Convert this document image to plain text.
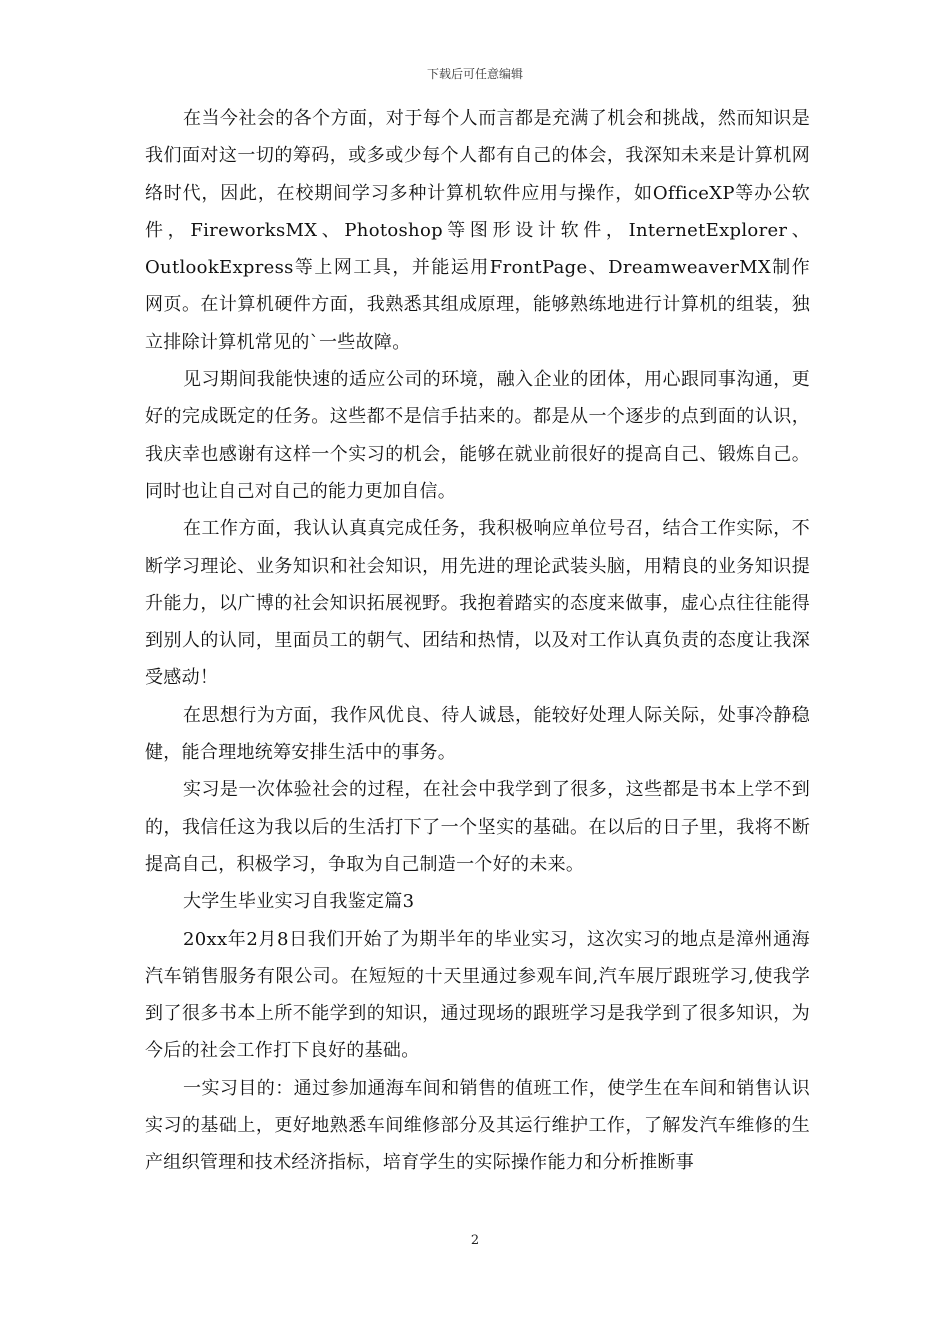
下载后可任意编辑

在当今社会的各个方面，对于每个人而言都是充满了机会和挑战，然而知识是我们面对这一切的筹码，或多或少每个人都有自己的体会，我深知未来是计算机网络时代，因此，在校期间学习多种计算机软件应用与操作，如OfficeXP等办公软件，FireworksMX、Photoshop等图形设计软件，InternetExplorer、OutlookExpress等上网工具，并能运用FrontPage、DreamweaverMX制作网页。在计算机硬件方面，我熟悉其组成原理，能够熟练地进行计算机的组装，独立排除计算机常见的`一些故障。

见习期间我能快速的适应公司的环境，融入企业的团体，用心跟同事沟通，更好的完成既定的任务。这些都不是信手拈来的。都是从一个逐步的点到面的认识，我庆幸也感谢有这样一个实习的机会，能够在就业前很好的提高自己、锻炼自己。同时也让自己对自己的能力更加自信。

在工作方面，我认认真真完成任务，我积极响应单位号召，结合工作实际，不断学习理论、业务知识和社会知识，用先进的理论武装头脑，用精良的业务知识提升能力，以广博的社会知识拓展视野。我抱着踏实的态度来做事，虚心点往往能得到别人的认同，里面员工的朝气、团结和热情，以及对工作认真负责的态度让我深受感动！

在思想行为方面，我作风优良、待人诚恳，能较好处理人际关际，处事冷静稳健，能合理地统筹安排生活中的事务。

实习是一次体验社会的过程，在社会中我学到了很多，这些都是书本上学不到的，我信任这为我以后的生活打下了一个坚实的基础。在以后的日子里，我将不断提高自己，积极学习，争取为自己制造一个好的未来。

大学生毕业实习自我鉴定篇3

20xx年2月8日我们开始了为期半年的毕业实习，这次实习的地点是漳州通海汽车销售服务有限公司。在短短的十天里通过参观车间,汽车展厅跟班学习,使我学到了很多书本上所不能学到的知识，通过现场的跟班学习是我学到了很多知识，为今后的社会工作打下良好的基础。

一实习目的：通过参加通海车间和销售的值班工作，使学生在车间和销售认识实习的基础上，更好地熟悉车间维修部分及其运行维护工作，了解发汽车维修的生产组织管理和技术经济指标，培育学生的实际操作能力和分析推断事

2
